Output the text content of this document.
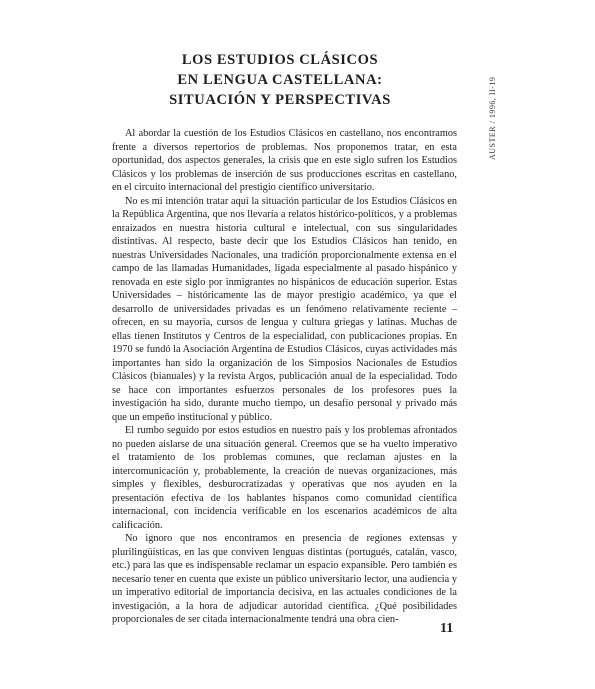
LOS ESTUDIOS CLÁSICOS
EN LENGUA CASTELLANA:
SITUACIÓN Y PERSPECTIVAS	AUSTER / 1996, II-19

Al abordar la cuestión de los Estudios Clásicos en castellano, nos encontramos frente a diversos repertorios de problemas. Nos proponemos tratar, en esta oportunidad, dos aspectos generales, la crisis que en este siglo sufren los Estudios Clásicos y los problemas de inserción de sus producciones escritas en castellano, en el circuito internacional del prestigio científico universitario.

No es mi intención tratar aquí la situación particular de los Estudios Clásicos en la República Argentina, que nos llevaría a relatos histórico-políticos, y a problemas enraizados en nuestra historia cultural e intelectual, con sus singularidades distintivas. Al respecto, baste decir que los Estudios Clásicos han tenido, en nuestras Universidades Nacionales, una tradición proporcionalmente extensa en el campo de las llamadas Humanidades, ligada especialmente al pasado hispánico y renovada en este siglo por inmigrantes no hispánicos de educación superior. Estas Universidades – históricamente las de mayor prestigio académico, ya que el desarrollo de universidades privadas es un fenómeno relativamente reciente – ofrecen, en su mayoría, cursos de lengua y cultura griegas y latinas. Muchas de ellas tienen Institutos y Centros de la especialidad, con publicaciones propias. En 1970 se fundó la Asociación Argentina de Estudios Clásicos, cuyas actividades más importantes han sido la organización de los Simposios Nacionales de Estudios Clásicos (bianuales) y la revista Argos, publicación anual de la especialidad. Todo se hace con importantes esfuerzos personales de los profesores pues la investigación ha sido, durante mucho tiempo, un desafío personal y privado más que un empeño institucional y público.

El rumbo seguido por estos estudios en nuestro país y los problemas afrontados no pueden aislarse de una situación general. Creemos que se ha vuelto imperativo el tratamiento de los problemas comunes, que reclaman ajustes en la intercomunicación y, probablemente, la creación de nuevas organizaciones, más simples y flexibles, desburocratizadas y operativas que nos ayuden en la presentación efectiva de los hablantes hispanos como comunidad científica internacional, con incidencia verificable en los escenarios académicos de alta calificación.

No ignoro que nos encontramos en presencia de regiones extensas y plurilingüísticas, en las que conviven lenguas distintas (portugués, catalán, vasco, etc.) para las que es indispensable reclamar un espacio expansible. Pero también es necesario tener en cuenta que existe un público universitario lector, una audiencia y un imperativo editorial de importancia decisiva, en las actuales condiciones de la investigación, a la hora de adjudicar autoridad científica. ¿Qué posibilidades proporcionales de ser citada internacionalmente tendrá una obra cien-

11
